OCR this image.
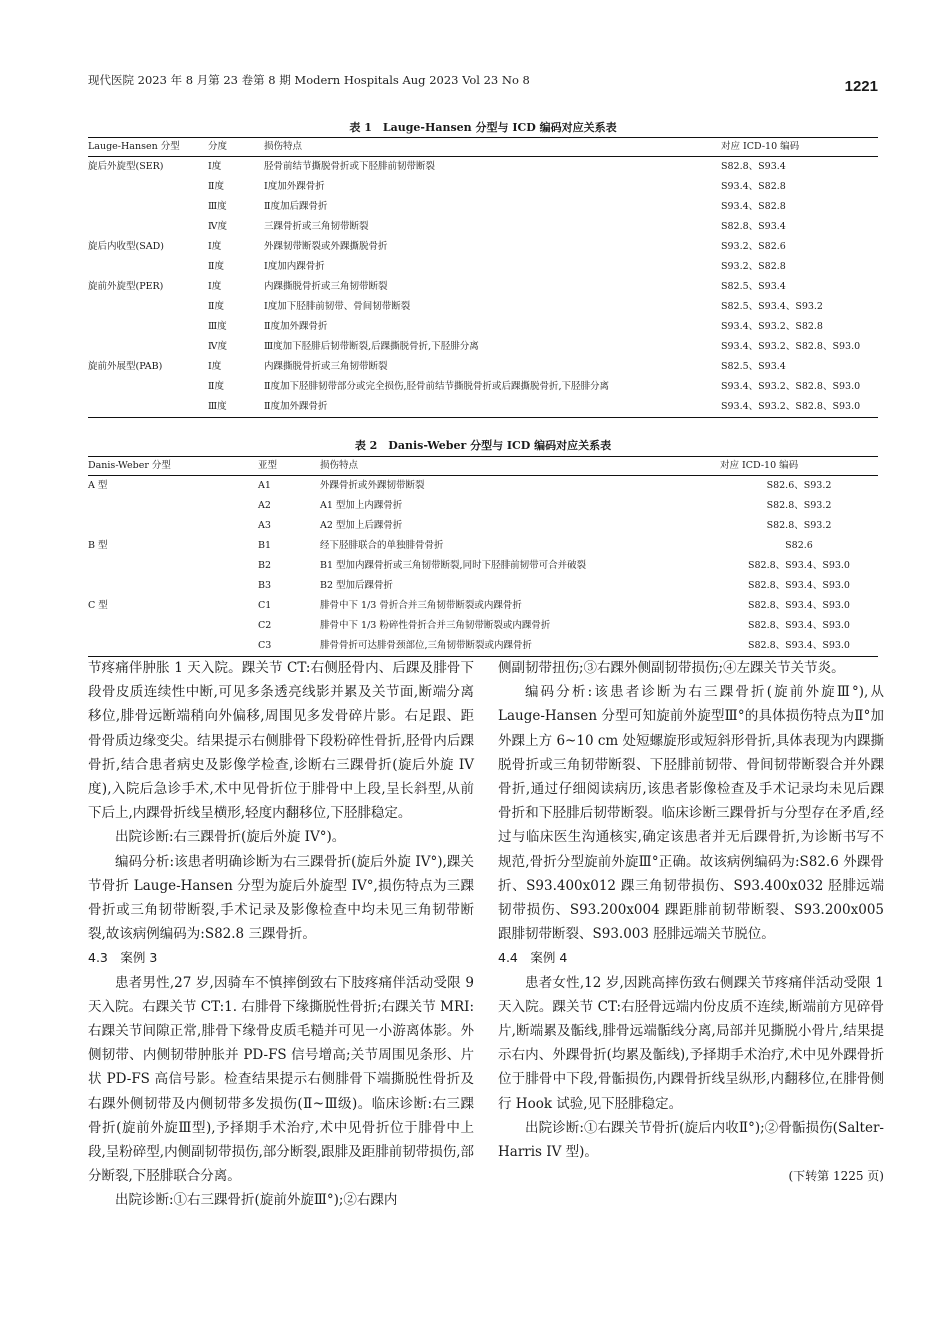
现代医院 2023 年 8 月第 23 卷第 8 期 Modern Hospitals Aug 2023 Vol 23 No 8	1221
表 1　Lauge-Hansen 分型与 ICD 编码对应关系表
Lauge-Hansen 分型	分度	损伤特点	对应 ICD-10 编码
旋后外旋型(SER)	Ⅰ度	胫骨前结节撕脱骨折或下胫腓前韧带断裂	S82.8、S93.4
	Ⅱ度	Ⅰ度加外踝骨折	S93.4、S82.8
	Ⅲ度	Ⅱ度加后踝骨折	S93.4、S82.8
	Ⅳ度	三踝骨折或三角韧带断裂	S82.8、S93.4
旋后内收型(SAD)	Ⅰ度	外踝韧带断裂或外踝撕脱骨折	S93.2、S82.6
	Ⅱ度	Ⅰ度加内踝骨折	S93.2、S82.8
旋前外旋型(PER)	Ⅰ度	内踝撕脱骨折或三角韧带断裂	S82.5、S93.4
	Ⅱ度	Ⅰ度加下胫腓前韧带、骨间韧带断裂	S82.5、S93.4、S93.2
	Ⅲ度	Ⅱ度加外踝骨折	S93.4、S93.2、S82.8
	Ⅳ度	Ⅲ度加下胫腓后韧带断裂,后踝撕脱骨折,下胫腓分离	S93.4、S93.2、S82.8、S93.0
旋前外展型(PAB)	Ⅰ度	内踝撕脱骨折或三角韧带断裂	S82.5、S93.4
	Ⅱ度	Ⅱ度加下胫腓韧带部分或完全损伤,胫骨前结节撕脱骨折或后踝撕脱骨折,下胫腓分离	S93.4、S93.2、S82.8、S93.0
	Ⅲ度	Ⅱ度加外踝骨折	S93.4、S93.2、S82.8、S93.0
表 2　Danis-Weber 分型与 ICD 编码对应关系表
Danis-Weber 分型	亚型	损伤特点	对应 ICD-10 编码
A 型	A1	外踝骨折或外踝韧带断裂	S82.6、S93.2
	A2	A1 型加上内踝骨折	S82.8、S93.2
	A3	A2 型加上后踝骨折	S82.8、S93.2
B 型	B1	经下胫腓联合的单独腓骨骨折	S82.6
	B2	B1 型加内踝骨折或三角韧带断裂,同时下胫腓前韧带可合并破裂	S82.8、S93.4、S93.0
	B3	B2 型加后踝骨折	S82.8、S93.4、S93.0
C 型	C1	腓骨中下 1/3 骨折合并三角韧带断裂或内踝骨折	S82.8、S93.4、S93.0
	C2	腓骨中下 1/3 粉碎性骨折合并三角韧带断裂或内踝骨折	S82.8、S93.4、S93.0
	C3	腓骨骨折可达腓骨颈部位,三角韧带断裂或内踝骨折	S82.8、S93.4、S93.0

节疼痛伴肿胀 1 天入院。踝关节 CT:右侧胫骨内、后踝及腓骨下段骨皮质连续性中断,可见多条透亮线影并累及关节面,断端分离移位,腓骨远断端稍向外偏移,周围见多发骨碎片影。右足跟、距骨骨质边缘变尖。结果提示右侧腓骨下段粉碎性骨折,胫骨内后踝骨折,结合患者病史及影像学检查,诊断右三踝骨折(旋后外旋 IV 度),入院后急诊手术,术中见骨折位于腓骨中上段,呈长斜型,从前下后上,内踝骨折线呈横形,轻度内翻移位,下胫腓稳定。

出院诊断:右三踝骨折(旋后外旋 IV°)。

编码分析:该患者明确诊断为右三踝骨折(旋后外旋 IV°),踝关节骨折 Lauge-Hansen 分型为旋后外旋型 IV°,损伤特点为三踝骨折或三角韧带断裂,手术记录及影像检查中均未见三角韧带断裂,故该病例编码为:S82.8 三踝骨折。

4.3　案例 3

患者男性,27 岁,因骑车不慎摔倒致右下肢疼痛伴活动受限 9 天入院。右踝关节 CT:1. 右腓骨下缘撕脱性骨折;右踝关节 MRI:右踝关节间隙正常,腓骨下缘骨皮质毛糙并可见一小游离体影。外侧韧带、内侧韧带肿胀并 PD-FS 信号增高;关节周围见条形、片状 PD-FS 高信号影。检查结果提示右侧腓骨下端撕脱性骨折及右踝外侧韧带及内侧韧带多发损伤(Ⅱ~Ⅲ级)。临床诊断:右三踝骨折(旋前外旋Ⅲ型),予择期手术治疗,术中见骨折位于腓骨中上段,呈粉碎型,内侧副韧带损伤,部分断裂,跟腓及距腓前韧带损伤,部分断裂,下胫腓联合分离。

出院诊断:①右三踝骨折(旋前外旋Ⅲ°);②右踝内

侧副韧带扭伤;③右踝外侧副韧带损伤;④左踝关节关节炎。

编码分析:该患者诊断为右三踝骨折(旋前外旋Ⅲ°),从 Lauge-Hansen 分型可知旋前外旋型Ⅲ°的具体损伤特点为Ⅱ°加外踝上方 6~10 cm 处短螺旋形或短斜形骨折,具体表现为内踝撕脱骨折或三角韧带断裂、下胫腓前韧带、骨间韧带断裂合并外踝骨折,通过仔细阅读病历,该患者影像检查及手术记录均未见后踝骨折和下胫腓后韧带断裂。临床诊断三踝骨折与分型存在矛盾,经过与临床医生沟通核实,确定该患者并无后踝骨折,为诊断书写不规范,骨折分型旋前外旋Ⅲ°正确。故该病例编码为:S82.6 外踝骨折、S93.400x012 踝三角韧带损伤、S93.400x032 胫腓远端韧带损伤、S93.200x004 踝距腓前韧带断裂、S93.200x005 跟腓韧带断裂、S93.003 胫腓远端关节脱位。

4.4　案例 4

患者女性,12 岁,因跳高摔伤致右侧踝关节疼痛伴活动受限 1 天入院。踝关节 CT:右胫骨远端内份皮质不连续,断端前方见碎骨片,断端累及骺线,腓骨远端骺线分离,局部并见撕脱小骨片,结果提示右内、外踝骨折(均累及骺线),予择期手术治疗,术中见外踝骨折位于腓骨中下段,骨骺损伤,内踝骨折线呈纵形,内翻移位,在腓骨侧行 Hook 试验,见下胫腓稳定。

出院诊断:①右踝关节骨折(旋后内收Ⅱ°);②骨骺损伤(Salter-Harris IV 型)。

(下转第 1225 页)
